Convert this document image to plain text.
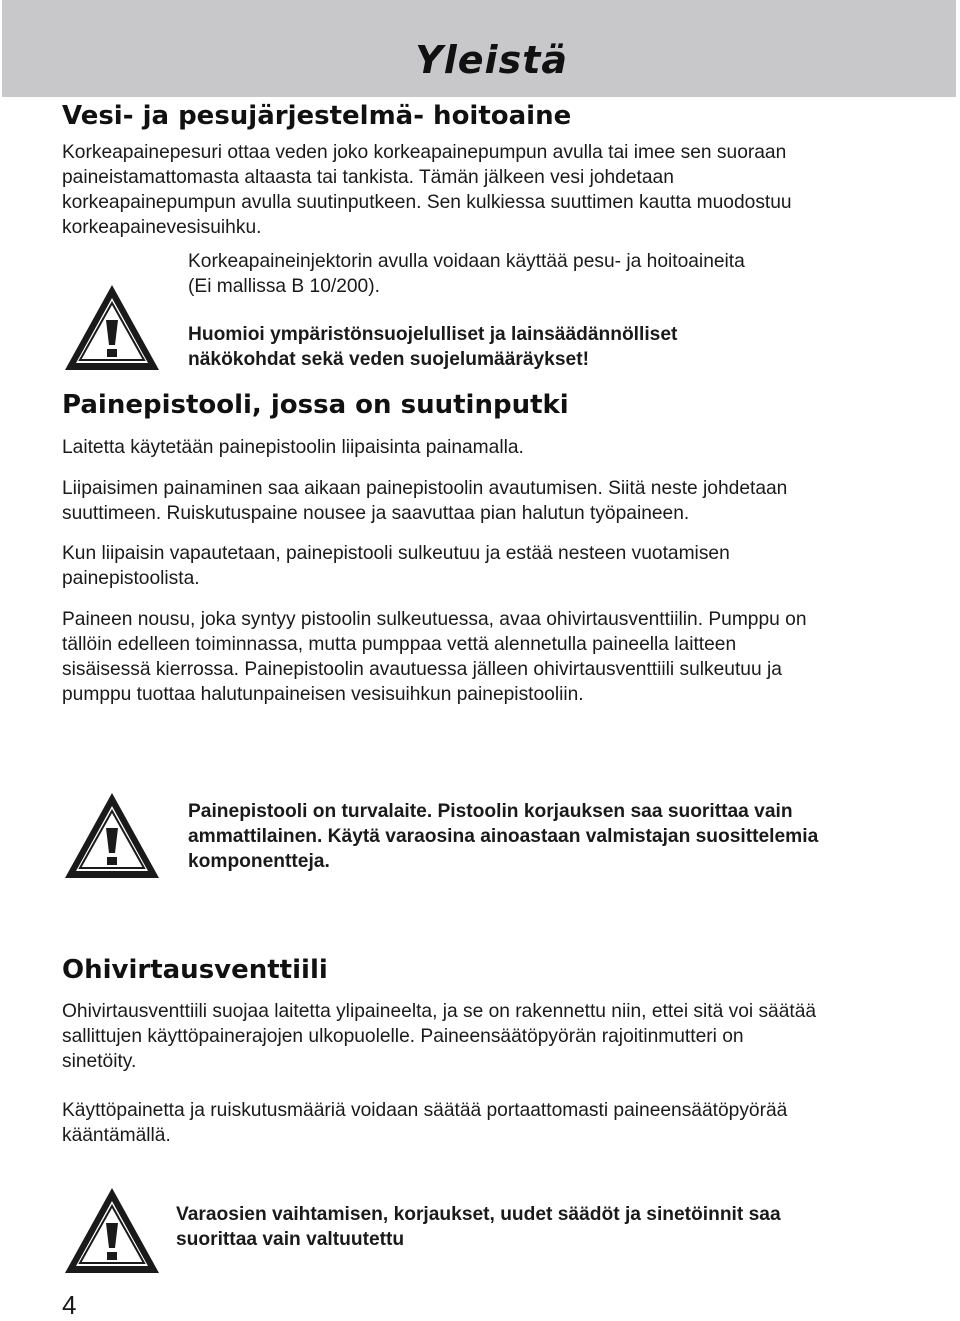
Yleistä
Vesi- ja pesujärjestelmä- hoitoaine

Korkeapainepesuri ottaa veden joko korkeapainepumpun avulla tai imee sen suoraan
paineistamattomasta altaasta tai tankista. Tämän jälkeen vesi johdetaan
korkeapainepumpun avulla suutinputkeen. Sen kulkiessa suuttimen kautta muodostuu
korkeapainevesisuihku.

Korkeapaineinjektorin avulla voidaan käyttää pesu- ja hoitoaineita
(Ei mallissa B 10/200).

Huomioi ympäristönsuojelulliset ja lainsäädännölliset
näkökohdat sekä veden suojelumääräykset!

Painepistooli, jossa on suutinputki

Laitetta käytetään painepistoolin liipaisinta painamalla.

Liipaisimen painaminen saa aikaan painepistoolin avautumisen. Siitä neste johdetaan
suuttimeen. Ruiskutuspaine nousee ja saavuttaa pian halutun työpaineen.

Kun liipaisin vapautetaan, painepistooli sulkeutuu ja estää nesteen vuotamisen
painepistoolista.

Paineen nousu, joka syntyy pistoolin sulkeutuessa, avaa ohivirtausventtiilin. Pumppu on
tällöin edelleen toiminnassa, mutta pumppaa vettä alennetulla paineella laitteen
sisäisessä kierrossa. Painepistoolin avautuessa jälleen ohivirtausventtiili sulkeutuu ja
pumppu tuottaa halutunpaineisen vesisuihkun painepistooliin.

Painepistooli on turvalaite. Pistoolin korjauksen saa suorittaa vain
ammattilainen. Käytä varaosina ainoastaan valmistajan suosittelemia
komponentteja.

Ohivirtausventtiili

Ohivirtausventtiili suojaa laitetta ylipaineelta, ja se on rakennettu niin, ettei sitä voi säätää
sallittujen käyttöpainerajojen ulkopuolelle. Paineensäätöpyörän rajoitinmutteri on
sinetöity.

Käyttöpainetta ja ruiskutusmääriä voidaan säätää portaattomasti paineensäätöpyörää
kääntämällä.

Varaosien vaihtamisen, korjaukset, uudet säädöt ja sinetöinnit saa
suorittaa vain valtuutettu

4
